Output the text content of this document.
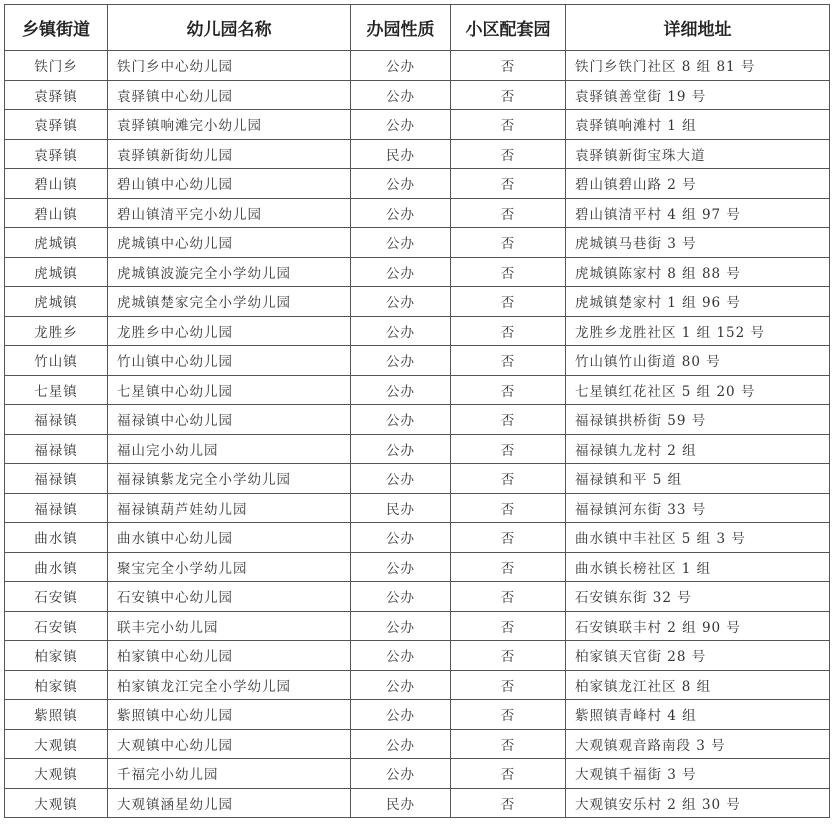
乡镇街道	幼儿园名称	办园性质	小区配套园	详细地址
铁门乡	铁门乡中心幼儿园	公办	否	铁门乡铁门社区 8 组 81 号
袁驿镇	袁驿镇中心幼儿园	公办	否	袁驿镇善堂街 19 号
袁驿镇	袁驿镇响滩完小幼儿园	公办	否	袁驿镇响滩村 1 组
袁驿镇	袁驿镇新街幼儿园	民办	否	袁驿镇新街宝珠大道
碧山镇	碧山镇中心幼儿园	公办	否	碧山镇碧山路 2 号
碧山镇	碧山镇清平完小幼儿园	公办	否	碧山镇清平村 4 组 97 号
虎城镇	虎城镇中心幼儿园	公办	否	虎城镇马巷街 3 号
虎城镇	虎城镇波漩完全小学幼儿园	公办	否	虎城镇陈家村 8 组 88 号
虎城镇	虎城镇楚家完全小学幼儿园	公办	否	虎城镇楚家村 1 组 96 号
龙胜乡	龙胜乡中心幼儿园	公办	否	龙胜乡龙胜社区 1 组 152 号
竹山镇	竹山镇中心幼儿园	公办	否	竹山镇竹山街道 80 号
七星镇	七星镇中心幼儿园	公办	否	七星镇红花社区 5 组 20 号
福禄镇	福禄镇中心幼儿园	公办	否	福禄镇拱桥街 59 号
福禄镇	福山完小幼儿园	公办	否	福禄镇九龙村 2 组
福禄镇	福禄镇紫龙完全小学幼儿园	公办	否	福禄镇和平 5 组
福禄镇	福禄镇葫芦娃幼儿园	民办	否	福禄镇河东街 33 号
曲水镇	曲水镇中心幼儿园	公办	否	曲水镇中丰社区 5 组 3 号
曲水镇	聚宝完全小学幼儿园	公办	否	曲水镇长榜社区 1 组
石安镇	石安镇中心幼儿园	公办	否	石安镇东街 32 号
石安镇	联丰完小幼儿园	公办	否	石安镇联丰村 2 组 90 号
柏家镇	柏家镇中心幼儿园	公办	否	柏家镇天官街 28 号
柏家镇	柏家镇龙江完全小学幼儿园	公办	否	柏家镇龙江社区 8 组
紫照镇	紫照镇中心幼儿园	公办	否	紫照镇青峰村 4 组
大观镇	大观镇中心幼儿园	公办	否	大观镇观音路南段 3 号
大观镇	千福完小幼儿园	公办	否	大观镇千福街 3 号
大观镇	大观镇涵星幼儿园	民办	否	大观镇安乐村 2 组 30 号
